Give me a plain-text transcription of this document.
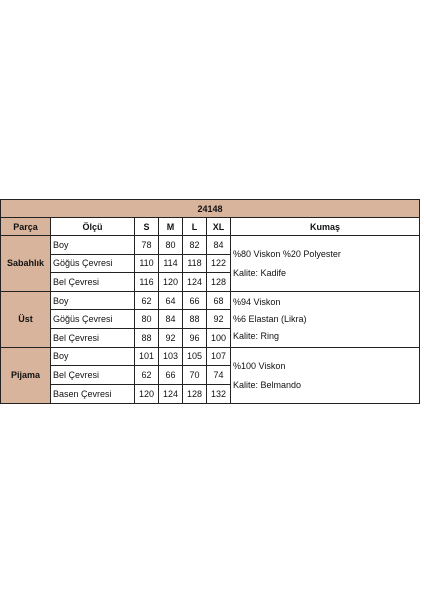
24148
Parça	Ölçü	S	M	L	XL	Kumaş
Sabahlık
Boy	78	80	82	84
Göğüs Çevresi	110	114	118	122
Bel Çevresi	116	120 124 128
%80 Viskon %20 Polyester
Kalite: Kadife
Üst
Boy	62	64	66	68
Göğüs Çevresi	80	84	88	92
Bel Çevresi	88	92	96	100
%94 Viskon
%6 Elastan (Likra)
Kalite: Ring
Pijama
Boy	101 103 105 107
Bel Çevresi	62	66	70	74
Basen Çevresi	120 124 128 132
%100 Viskon
Kalite: Belmando
